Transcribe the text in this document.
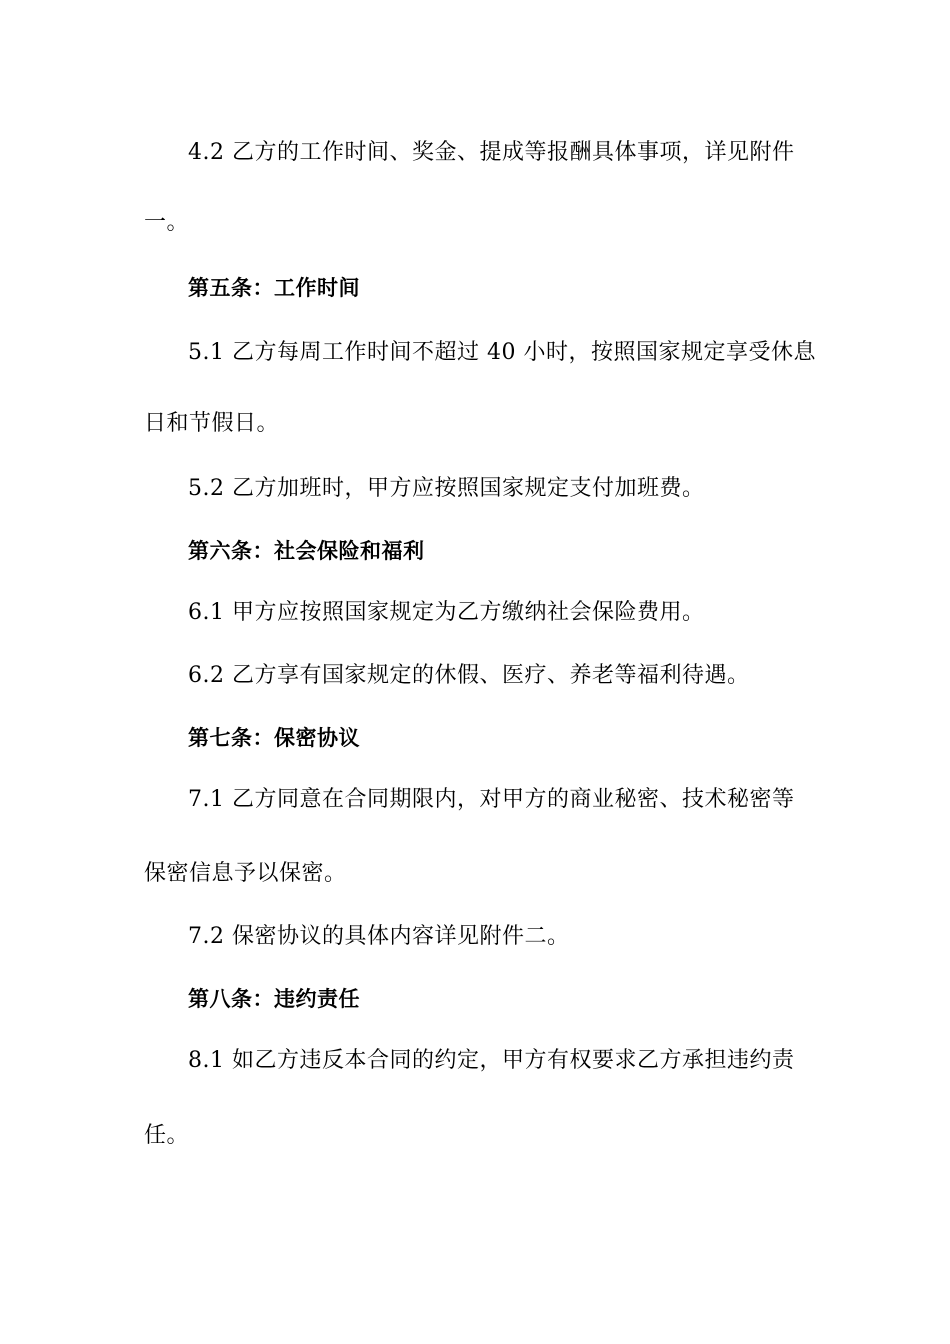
4.2 乙方的工作时间、奖金、提成等报酬具体事项，详见附件
一。
第五条：工作时间
5.1 乙方每周工作时间不超过 40 小时，按照国家规定享受休息
日和节假日。
5.2 乙方加班时，甲方应按照国家规定支付加班费。
第六条：社会保险和福利
6.1 甲方应按照国家规定为乙方缴纳社会保险费用。
6.2 乙方享有国家规定的休假、医疗、养老等福利待遇。
第七条：保密协议
7.1 乙方同意在合同期限内，对甲方的商业秘密、技术秘密等
保密信息予以保密。
7.2 保密协议的具体内容详见附件二。
第八条：违约责任
8.1 如乙方违反本合同的约定，甲方有权要求乙方承担违约责
任。
